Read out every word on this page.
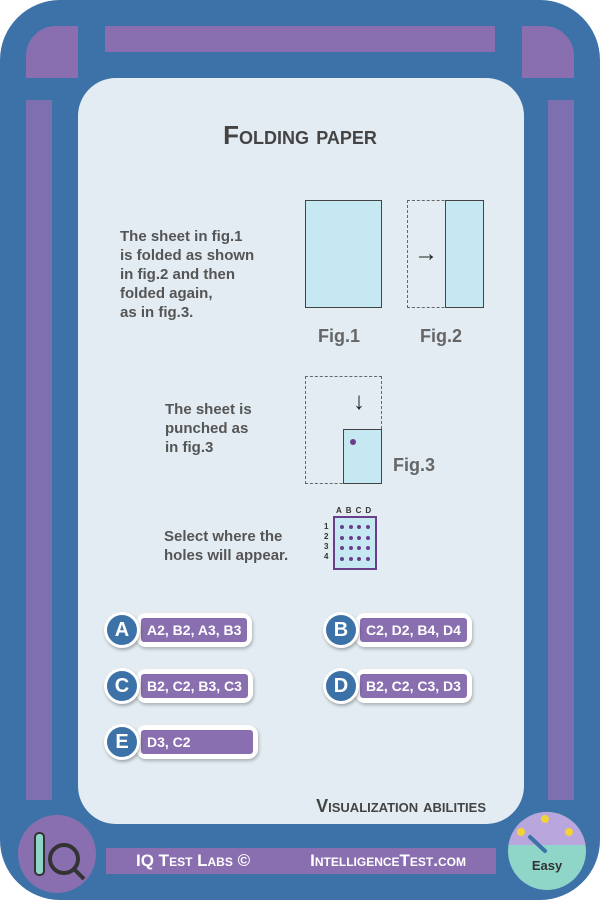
Folding paper
The sheet in fig.1
is folded as shown
in fig.2 and then
folded again,
as in fig.3.
Fig.1
→
Fig.2
The sheet is
punched as
in fig.3
↓
Fig.3
Select where the
holes will appear.
ABCD
1
2
3
4
A	A2, B2, A3, B3	B	C2, D2, B4, D4
C	B2, C2, B3, C3	D	B2, C2, C3, D3
E	D3, C2
Visualization abilities
IQ Test Labs ©	IntelligenceTest.com	Easy
